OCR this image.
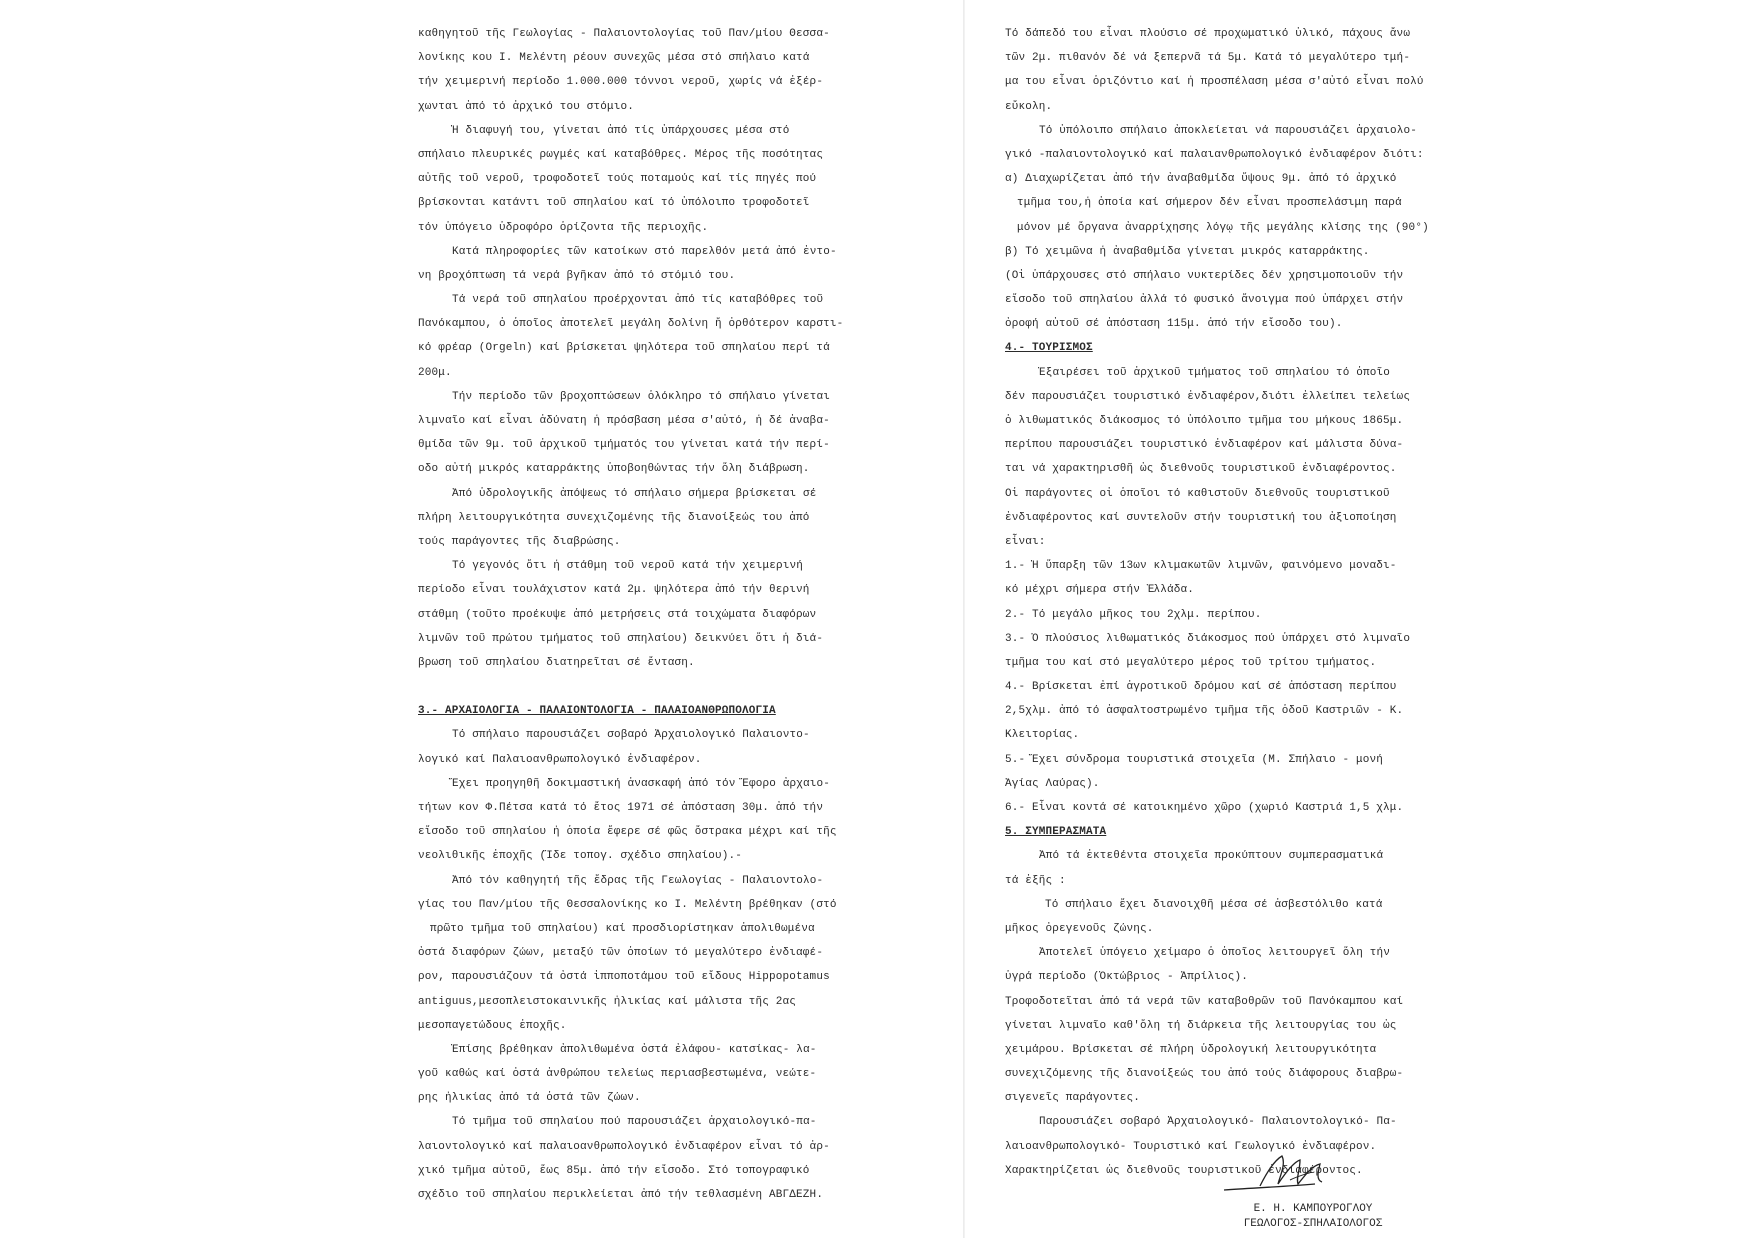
καθηγητοῦ τῆς Γεωλογίας - Παλαιοντολογίας τοῦ Παν/μίου Θεσσα-
λονίκης κου Ι. Μελέντη ρέουν συνεχῶς μέσα στό σπήλαιο κατά
τήν χειμερινή περίοδο 1.000.000 τόννοι νεροῦ, χωρίς νά ἐξέρ-
χωνται ἀπό τό ἀρχικό του στόμιο.
Ἡ διαφυγή του, γίνεται ἀπό τίς ὑπάρχουσες μέσα στό
σπήλαιο πλευρικές ρωγμές καί καταβόθρες. Μέρος τῆς ποσότητας
αὐτῆς τοῦ νεροῦ, τροφοδοτεῖ τούς ποταμούς καί τίς πηγές πού
βρίσκονται κατάντι τοῦ σπηλαίου καί τό ὑπόλοιπο τροφοδοτεῖ
τόν ὑπόγειο ὑδροφόρο ὁρίζοντα τῆς περιοχῆς.
Κατά πληροφορίες τῶν κατοίκων στό παρελθόν μετά ἀπό ἐντο-
νη βροχόπτωση τά νερά βγῆκαν ἀπό τό στόμιό του.
Τά νερά τοῦ σπηλαίου προέρχονται ἀπό τίς καταβόθρες τοῦ
Πανόκαμπου, ὁ ὁποῖος ἀποτελεῖ μεγάλη δολίνη ἤ ὀρθότερον καρστι-
κό φρέαρ (Orgeln) καί βρίσκεται ψηλότερα τοῦ σπηλαίου περί τά
200μ.
Τήν περίοδο τῶν βροχοπτώσεων ὁλόκληρο τό σπήλαιο γίνεται
λιμναῖο καί εἶναι ἀδύνατη ἡ πρόσβαση μέσα σ'αὐτό, ἡ δέ ἀναβα-
θμίδα τῶν 9μ. τοῦ ἀρχικοῦ τμήματός του γίνεται κατά τήν περί-
οδο αὐτή μικρός καταρράκτης ὑποβοηθώντας τήν ὅλη διάβρωση.
Ἀπό ὑδρολογικῆς ἀπόψεως τό σπήλαιο σήμερα βρίσκεται σέ
πλήρη λειτουργικότητα συνεχιζομένης τῆς διανοίξεώς του ἀπό
τούς παράγοντες τῆς διαβρώσης.
Τό γεγονός ὅτι ἡ στάθμη τοῦ νεροῦ κατά τήν χειμερινή
περίοδο εἶναι τουλάχιστον κατά 2μ. ψηλότερα ἀπό τήν θερινή
στάθμη (τοῦτο προέκυψε ἀπό μετρήσεις στά τοιχώματα διαφόρων
λιμνῶν τοῦ πρώτου τμήματος τοῦ σπηλαίου) δεικνύει ὅτι ἡ διά-
βρωση τοῦ σπηλαίου διατηρεῖται σέ ἔνταση.
3.- ΑΡΧΑΙΟΛΟΓΙΑ - ΠΑΛΑΙΟΝΤΟΛΟΓΙΑ - ΠΑΛΑΙΟΑΝΘΡΩΠΟΛΟΓΙΑ
Τό σπήλαιο παρουσιάζει σοβαρό Ἀρχαιολογικό Παλαιοντο-
λογικό καί Παλαιοανθρωπολογικό ἐνδιαφέρον.
Ἔχει προηγηθῆ δοκιμαστική ἀνασκαφή ἀπό τόν Ἔφορο ἀρχαιο-
τήτων κον Φ.Πέτσα κατά τό ἔτος 1971 σέ ἀπόσταση 30μ. ἀπό τήν
εἴσοδο τοῦ σπηλαίου ἡ ὁποία ἔφερε σέ φῶς ὄστρακα μέχρι καί τῆς
νεολιθικῆς ἐποχῆς (Ἴδε τοπογ. σχέδιο σπηλαίου).-
Ἀπό τόν καθηγητή τῆς ἕδρας τῆς Γεωλογίας - Παλαιοντολο-
γίας του Παν/μίου τῆς Θεσσαλονίκης κο Ι. Μελέντη βρέθηκαν (στό
πρῶτο τμῆμα τοῦ σπηλαίου) καί προσδιορίστηκαν ἀπολιθωμένα
ὀστά διαφόρων ζώων, μεταξύ τῶν ὁποίων τό μεγαλύτερο ἐνδιαφέ-
ρον, παρουσιάζουν τά ὀστά ἱπποποτάμου τοῦ εἴδους Hippopotamus
antiguus,μεσοπλειστοκαινικῆς ἡλικίας καί μάλιστα τῆς 2ας
μεσοπαγετώδους ἐποχῆς.
Ἐπίσης βρέθηκαν ἀπολιθωμένα ὀστά ἐλάφου- κατσίκας- λα-
γοῦ καθώς καί ὀστά ἀνθρώπου τελείως περιασβεστωμένα, νεώτε-
ρης ἡλικίας ἀπό τά ὀστά τῶν ζώων.
Τό τμῆμα τοῦ σπηλαίου πού παρουσιάζει ἀρχαιολογικό-πα-
λαιοντολογικό καί παλαιοανθρωπολογικό ἐνδιαφέρον εἶναι τό ἀρ-
χικό τμῆμα αὐτοῦ, ἕως 85μ. ἀπό τήν εἴσοδο. Στό τοπογραφικό
σχέδιο τοῦ σπηλαίου περικλείεται ἀπό τήν τεθλασμένη ΑΒΓΔΕΖΗ.
Τό δάπεδό του εἶναι πλούσιο σέ προχωματικό ὑλικό, πάχους ἄνω
τῶν 2μ. πιθανόν δέ νά ξεπερνᾶ τά 5μ. Κατά τό μεγαλύτερο τμή-
μα του εἶναι ὁριζόντιο καί ἡ προσπέλαση μέσα σ'αὐτό εἶναι πολύ
εὔκολη.
Τό ὑπόλοιπο σπήλαιο ἀποκλείεται νά παρουσιάζει ἀρχαιολο-
γικό -παλαιοντολογικό καί παλαιανθρωπολογικό ἐνδιαφέρον διότι:
α) Διαχωρίζεται ἀπό τήν ἀναβαθμίδα ὕψους 9μ. ἀπό τό ἀρχικό
τμῆμα του,ἡ ὁποία καί σήμερον δέν εἶναι προσπελάσιμη παρά
μόνον μέ ὄργανα ἀναρρίχησης λόγῳ τῆς μεγάλης κλίσης της (90°)
β) Τό χειμῶνα ἡ ἀναβαθμίδα γίνεται μικρός καταρράκτης.
(Οἱ ὑπάρχουσες στό σπήλαιο νυκτερίδες δέν χρησιμοποιοῦν τήν
εἴσοδο τοῦ σπηλαίου ἀλλά τό φυσικό ἄνοιγμα πού ὑπάρχει στήν
ὀροφή αὐτοῦ σέ ἀπόσταση 115μ. ἀπό τήν εἴσοδο του).
4.- ΤΟΥΡΙΣΜΟΣ
Ἐξαιρέσει τοῦ ἀρχικοῦ τμήματος τοῦ σπηλαίου τό ὁποῖο
δέν παρουσιάζει τουριστικό ἐνδιαφέρον,διότι ἐλλείπει τελείως
ὁ λιθωματικός διάκοσμος τό ὑπόλοιπο τμῆμα του μήκους 1865μ.
περίπου παρουσιάζει τουριστικό ἐνδιαφέρον καί μάλιστα δύνα-
ται νά χαρακτηρισθῆ ὡς διεθνοῦς τουριστικοῦ ἐνδιαφέροντος.
Οἱ παράγοντες οἱ ὁποῖοι τό καθιστοῦν διεθνοῦς τουριστικοῦ
ἐνδιαφέροντος καί συντελοῦν στήν τουριστική του ἀξιοποίηση
εἶναι:
1.- Ἡ ὕπαρξη τῶν 13ων κλιμακωτῶν λιμνῶν, φαινόμενο μοναδι-
κό μέχρι σήμερα στήν Ἑλλάδα.
2.- Τό μεγάλο μῆκος του 2χλμ. περίπου.
3.- Ὁ πλούσιος λιθωματικός διάκοσμος πού ὑπάρχει στό λιμναῖο
τμῆμα του καί στό μεγαλύτερο μέρος τοῦ τρίτου τμήματος.
4.- Βρίσκεται ἐπί ἀγροτικοῦ δρόμου καί σέ ἀπόσταση περίπου
2,5χλμ. ἀπό τό ἀσφαλτοστρωμένο τμῆμα τῆς ὁδοῦ Καστριῶν - Κ.
Κλειτορίας.
5.- Ἔχει σύνδρομα τουριστικά στοιχεῖα (Μ. Σπήλαιο - μονή
Ἁγίας Λαύρας).
6.- Εἶναι κοντά σέ κατοικημένο χῶρο (χωριό Καστριά 1,5 χλμ.
5. ΣΥΜΠΕΡΑΣΜΑΤΑ
Ἀπό τά ἐκτεθέντα στοιχεῖα προκύπτουν συμπερασματικά
τά ἑξῆς :
Τό σπήλαιο ἔχει διανοιχθῆ μέσα σέ ἀσβεστόλιθο κατά
μῆκος ὀρεγενοῦς ζώνης.
Ἀποτελεῖ ὑπόγειο χείμαρο ὁ ὁποῖος λειτουργεῖ ὅλη τήν
ὑγρά περίοδο (Ὀκτώβριος - Ἀπρίλιος).
Τροφοδοτεῖται ἀπό τά νερά τῶν καταβοθρῶν τοῦ Πανόκαμπου καί
γίνεται λιμναῖο καθ'ὅλη τή διάρκεια τῆς λειτουργίας του ὡς
χειμάρου. Βρίσκεται σέ πλήρη ὑδρολογική λειτουργικότητα
συνεχιζόμενης τῆς διανοίξεώς του ἀπό τούς διάφορους διαβρω-
σιγενεῖς παράγοντες.
Παρουσιάζει σοβαρό Ἀρχαιολογικό- Παλαιοντολογικό- Πα-
λαιοανθρωπολογικό- Τουριστικό καί Γεωλογικό ἐνδιαφέρον.
Χαρακτηρίζεται ὡς διεθνοῦς τουριστικοῦ ἐνδιαφέροντος.
Ε. Η. ΚΑΜΠΟΥΡΟΓΛΟΥ
ΓΕΩΛΟΓΟΣ-ΣΠΗΛΑΙΟΛΟΓΟΣ
